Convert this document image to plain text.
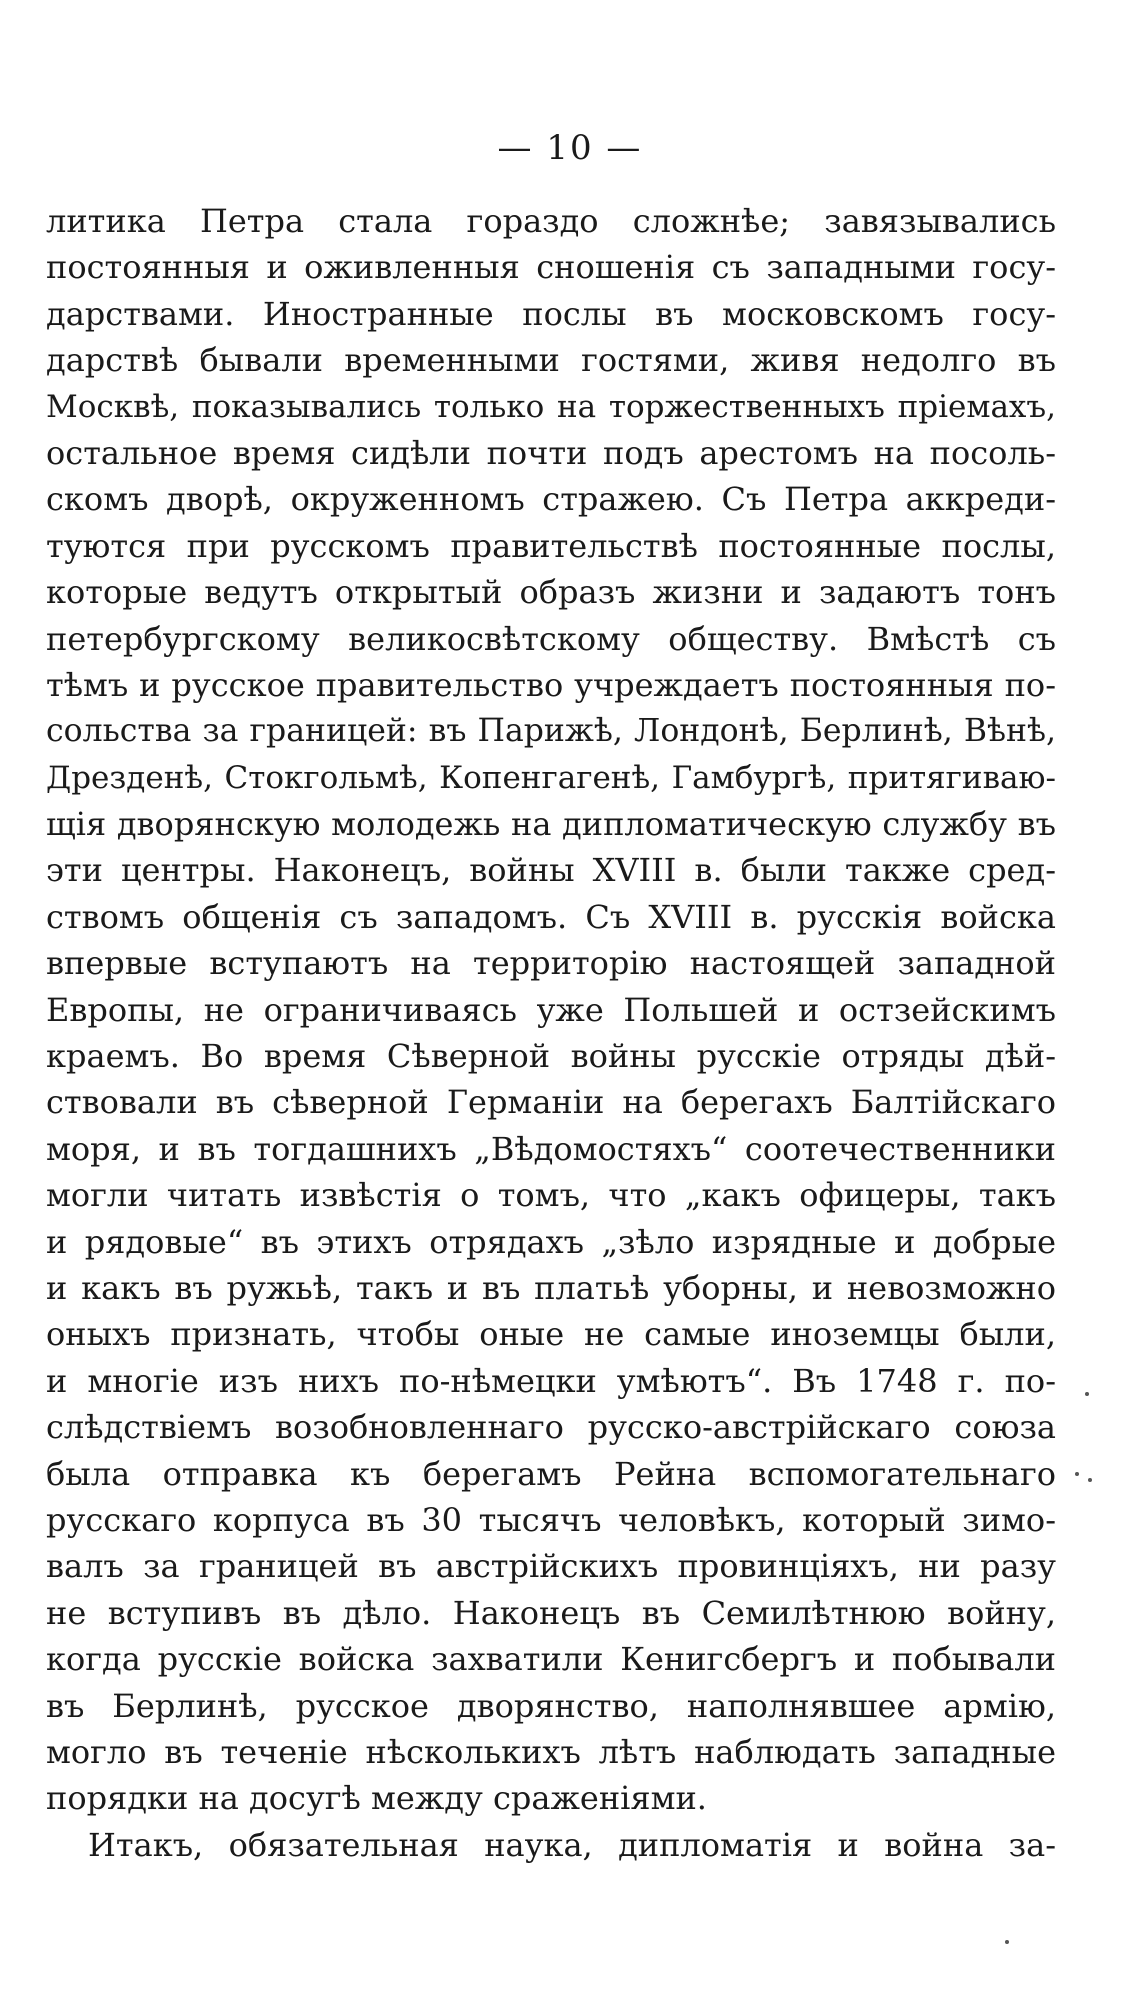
— 10 —
литика Петра стала гораздо сложнѣе; завязывались
постоянныя и оживленныя сношенія съ западными госу-
дарствами. Иностранные послы въ московскомъ госу-
дарствѣ бывали временными гостями, живя недолго въ
Москвѣ, показывались только на торжественныхъ пріемахъ,
остальное время сидѣли почти подъ арестомъ на посоль-
скомъ дворѣ, окруженномъ стражею. Съ Петра аккреди-
туются при русскомъ правительствѣ постоянные послы,
которые ведутъ открытый образъ жизни и задаютъ тонъ
петербургскому великосвѣтскому обществу. Вмѣстѣ съ
тѣмъ и русское правительство учреждаетъ постоянныя по-
сольства за границей: въ Парижѣ, Лондонѣ, Берлинѣ, Вѣнѣ,
Дрезденѣ, Стокгольмѣ, Копенгагенѣ, Гамбургѣ, притягиваю-
щія дворянскую молодежь на дипломатическую службу въ
эти центры. Наконецъ, войны XVIII в. были также сред-
ствомъ общенія съ западомъ. Съ XVIII в. русскія войска
впервые вступаютъ на территорію настоящей западной
Европы, не ограничиваясь уже Польшей и остзейскимъ
краемъ. Во время Сѣверной войны русскіе отряды дѣй-
ствовали въ сѣверной Германіи на берегахъ Балтійскаго
моря, и въ тогдашнихъ „Вѣдомостяхъ“ соотечественники
могли читать извѣстія о томъ, что „какъ офицеры, такъ
и рядовые“ въ этихъ отрядахъ „зѣло изрядные и добрые
и какъ въ ружьѣ, такъ и въ платьѣ уборны, и невозможно
оныхъ признать, чтобы оные не самые иноземцы были,
и многіе изъ нихъ по-нѣмецки умѣютъ“. Въ 1748 г. по-
слѣдствіемъ возобновленнаго русско-австрійскаго союза
была отправка къ берегамъ Рейна вспомогательнаго
русскаго корпуса въ 30 тысячъ человѣкъ, который зимо-
валъ за границей въ австрійскихъ провинціяхъ, ни разу
не вступивъ въ дѣло. Наконецъ въ Семилѣтнюю войну,
когда русскіе войска захватили Кенигсбергъ и побывали
въ Берлинѣ, русское дворянство, наполнявшее армію,
могло въ теченіе нѣсколькихъ лѣтъ наблюдать западные
порядки на досугѣ между сраженіями.
Итакъ, обязательная наука, дипломатія и война за-
